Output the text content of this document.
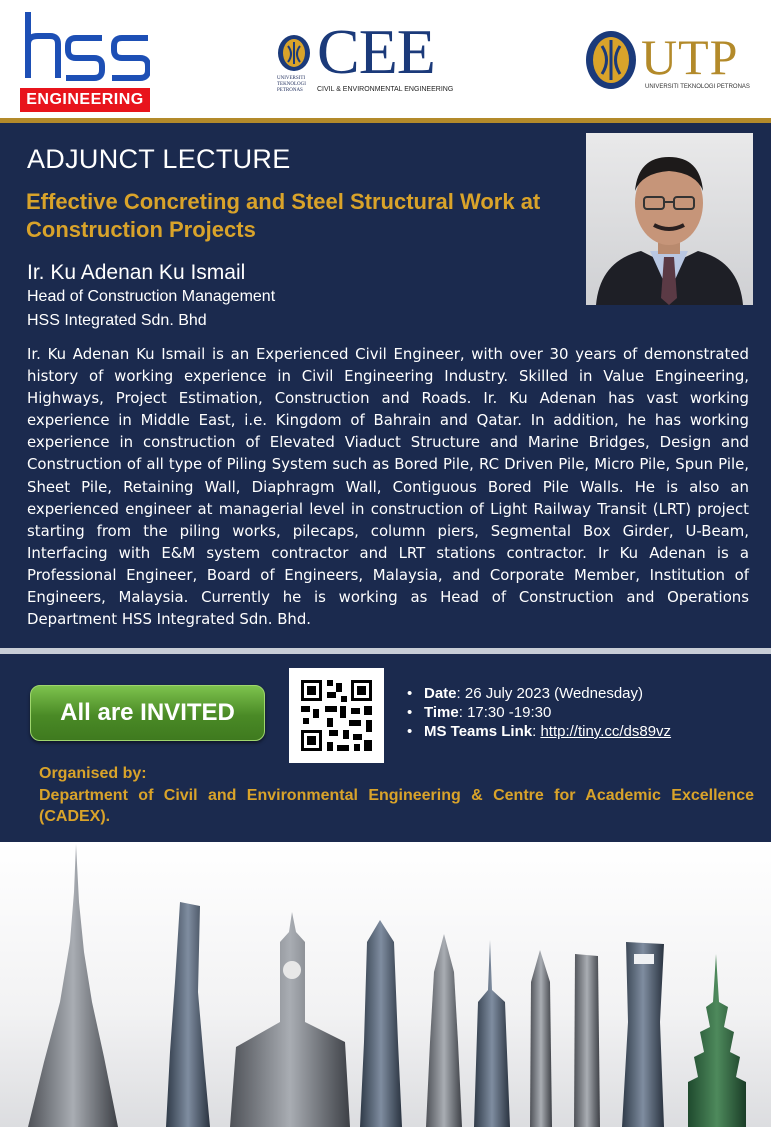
ENGINEERING
UNIVERSITI TEKNOLOGI PETRONAS
CEE
CIVIL & ENVIRONMENTAL ENGINEERING
UTP
UNIVERSITI TEKNOLOGI PETRONAS
ADJUNCT LECTURE
Effective Concreting and Steel Structural Work at Construction Projects
Ir. Ku Adenan Ku Ismail
Head of Construction Management
HSS Integrated Sdn. Bhd
Ir. Ku Adenan Ku Ismail is an Experienced Civil Engineer, with over 30 years of demonstrated history of working experience in Civil Engineering Industry. Skilled in Value Engineering, Highways, Project Estimation, Construction and Roads. Ir. Ku Adenan has vast working experience in Middle East, i.e. Kingdom of Bahrain and Qatar. In addition, he has working experience in construction of Elevated Viaduct Structure and Marine Bridges, Design and Construction of all type of Piling System such as Bored Pile, RC Driven Pile, Micro Pile, Spun Pile, Sheet Pile, Retaining Wall, Diaphragm Wall, Contiguous Bored Pile Walls. He is also an experienced engineer at managerial level in construction of Light Railway Transit (LRT) project starting from the piling works, pilecaps, column piers, Segmental Box Girder, U-Beam, Interfacing with E&M system contractor and LRT stations contractor. Ir Ku Adenan is a Professional Engineer, Board of Engineers, Malaysia, and Corporate Member, Institution of Engineers, Malaysia. Currently he is working as Head of Construction and Operations Department HSS Integrated Sdn. Bhd.
All are INVITED
• Date: 26 July 2023 (Wednesday)
• Time: 17:30 -19:30
• MS Teams Link: http://tiny.cc/ds89vz
Organised by:
Department of Civil and Environmental Engineering & Centre for Academic Excellence (CADEX).
